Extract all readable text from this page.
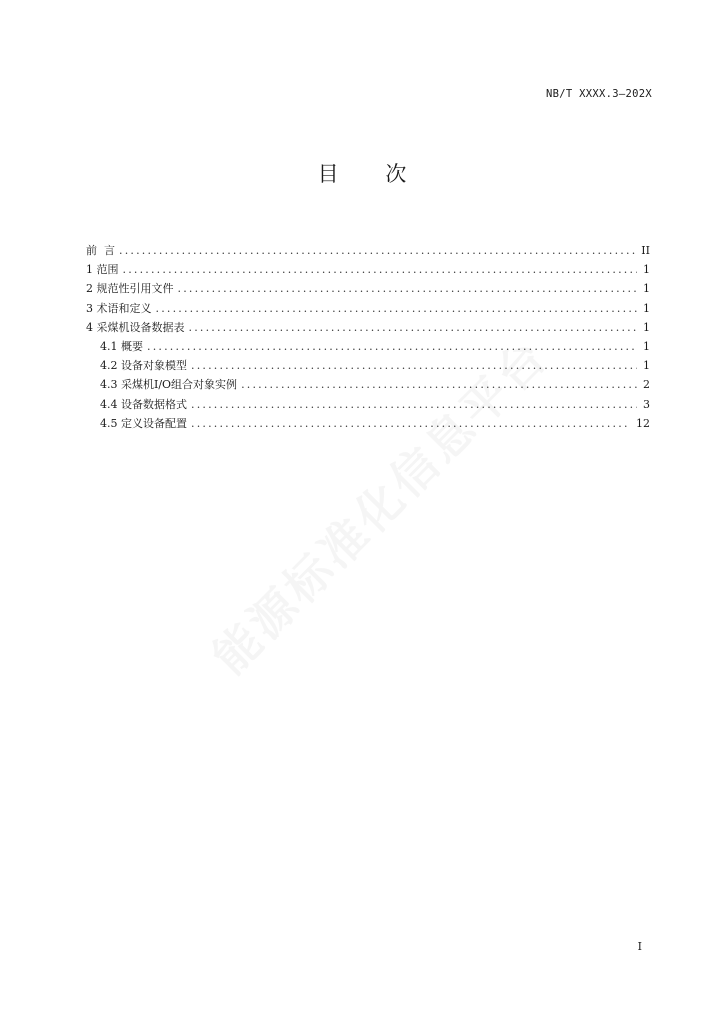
NB/T XXXX.3—202X
目 次
前  言 .....	II
1 范围 .....	1
2 规范性引用文件 .....	1
3 术语和定义 .....	1
4 采煤机设备数据表 .....	1
4.1 概要 .....	1
4.2 设备对象模型 .....	1
4.3 采煤机I/O组合对象实例 .....	2
4.4 设备数据格式 .....	3
4.5 定义设备配置 .....	12
能源标准化信息平台
I
